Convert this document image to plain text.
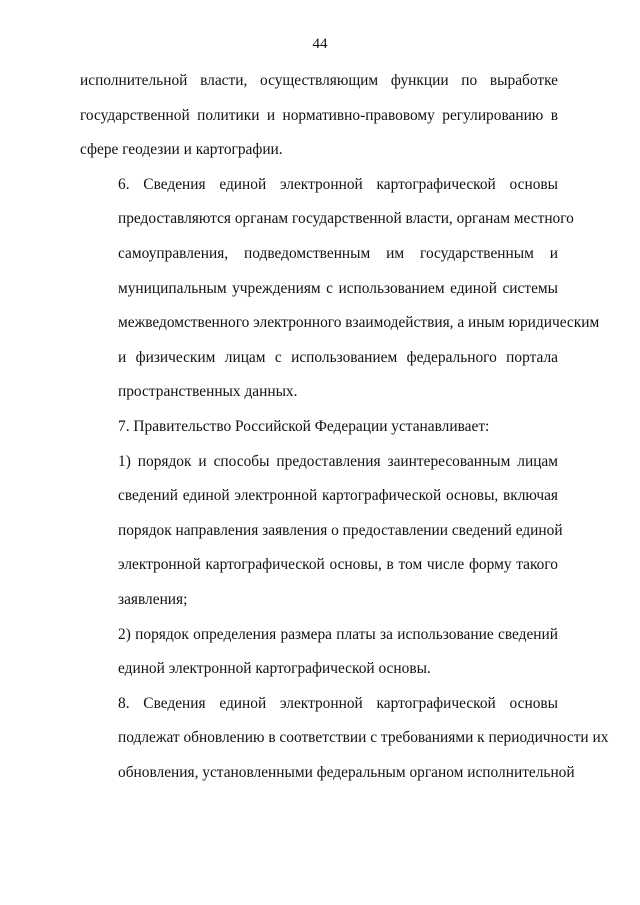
44

исполнительной власти, осуществляющим функции по выработке
государственной политики и нормативно-правовому регулированию в
сфере геодезии и картографии.

6. Сведения единой электронной картографической основы
предоставляются органам государственной власти, органам местного
самоуправления, подведомственным им государственным и
муниципальным учреждениям с использованием единой системы
межведомственного электронного взаимодействия, а иным юридическим
и физическим лицам с использованием федерального портала
пространственных данных.

7. Правительство Российской Федерации устанавливает:

1) порядок и способы предоставления заинтересованным лицам
сведений единой электронной картографической основы, включая
порядок направления заявления о предоставлении сведений единой
электронной картографической основы, в том числе форму такого
заявления;

2) порядок определения размера платы за использование сведений
единой электронной картографической основы.

8. Сведения единой электронной картографической основы
подлежат обновлению в соответствии с требованиями к периодичности их
обновления, установленными федеральным органом исполнительной
